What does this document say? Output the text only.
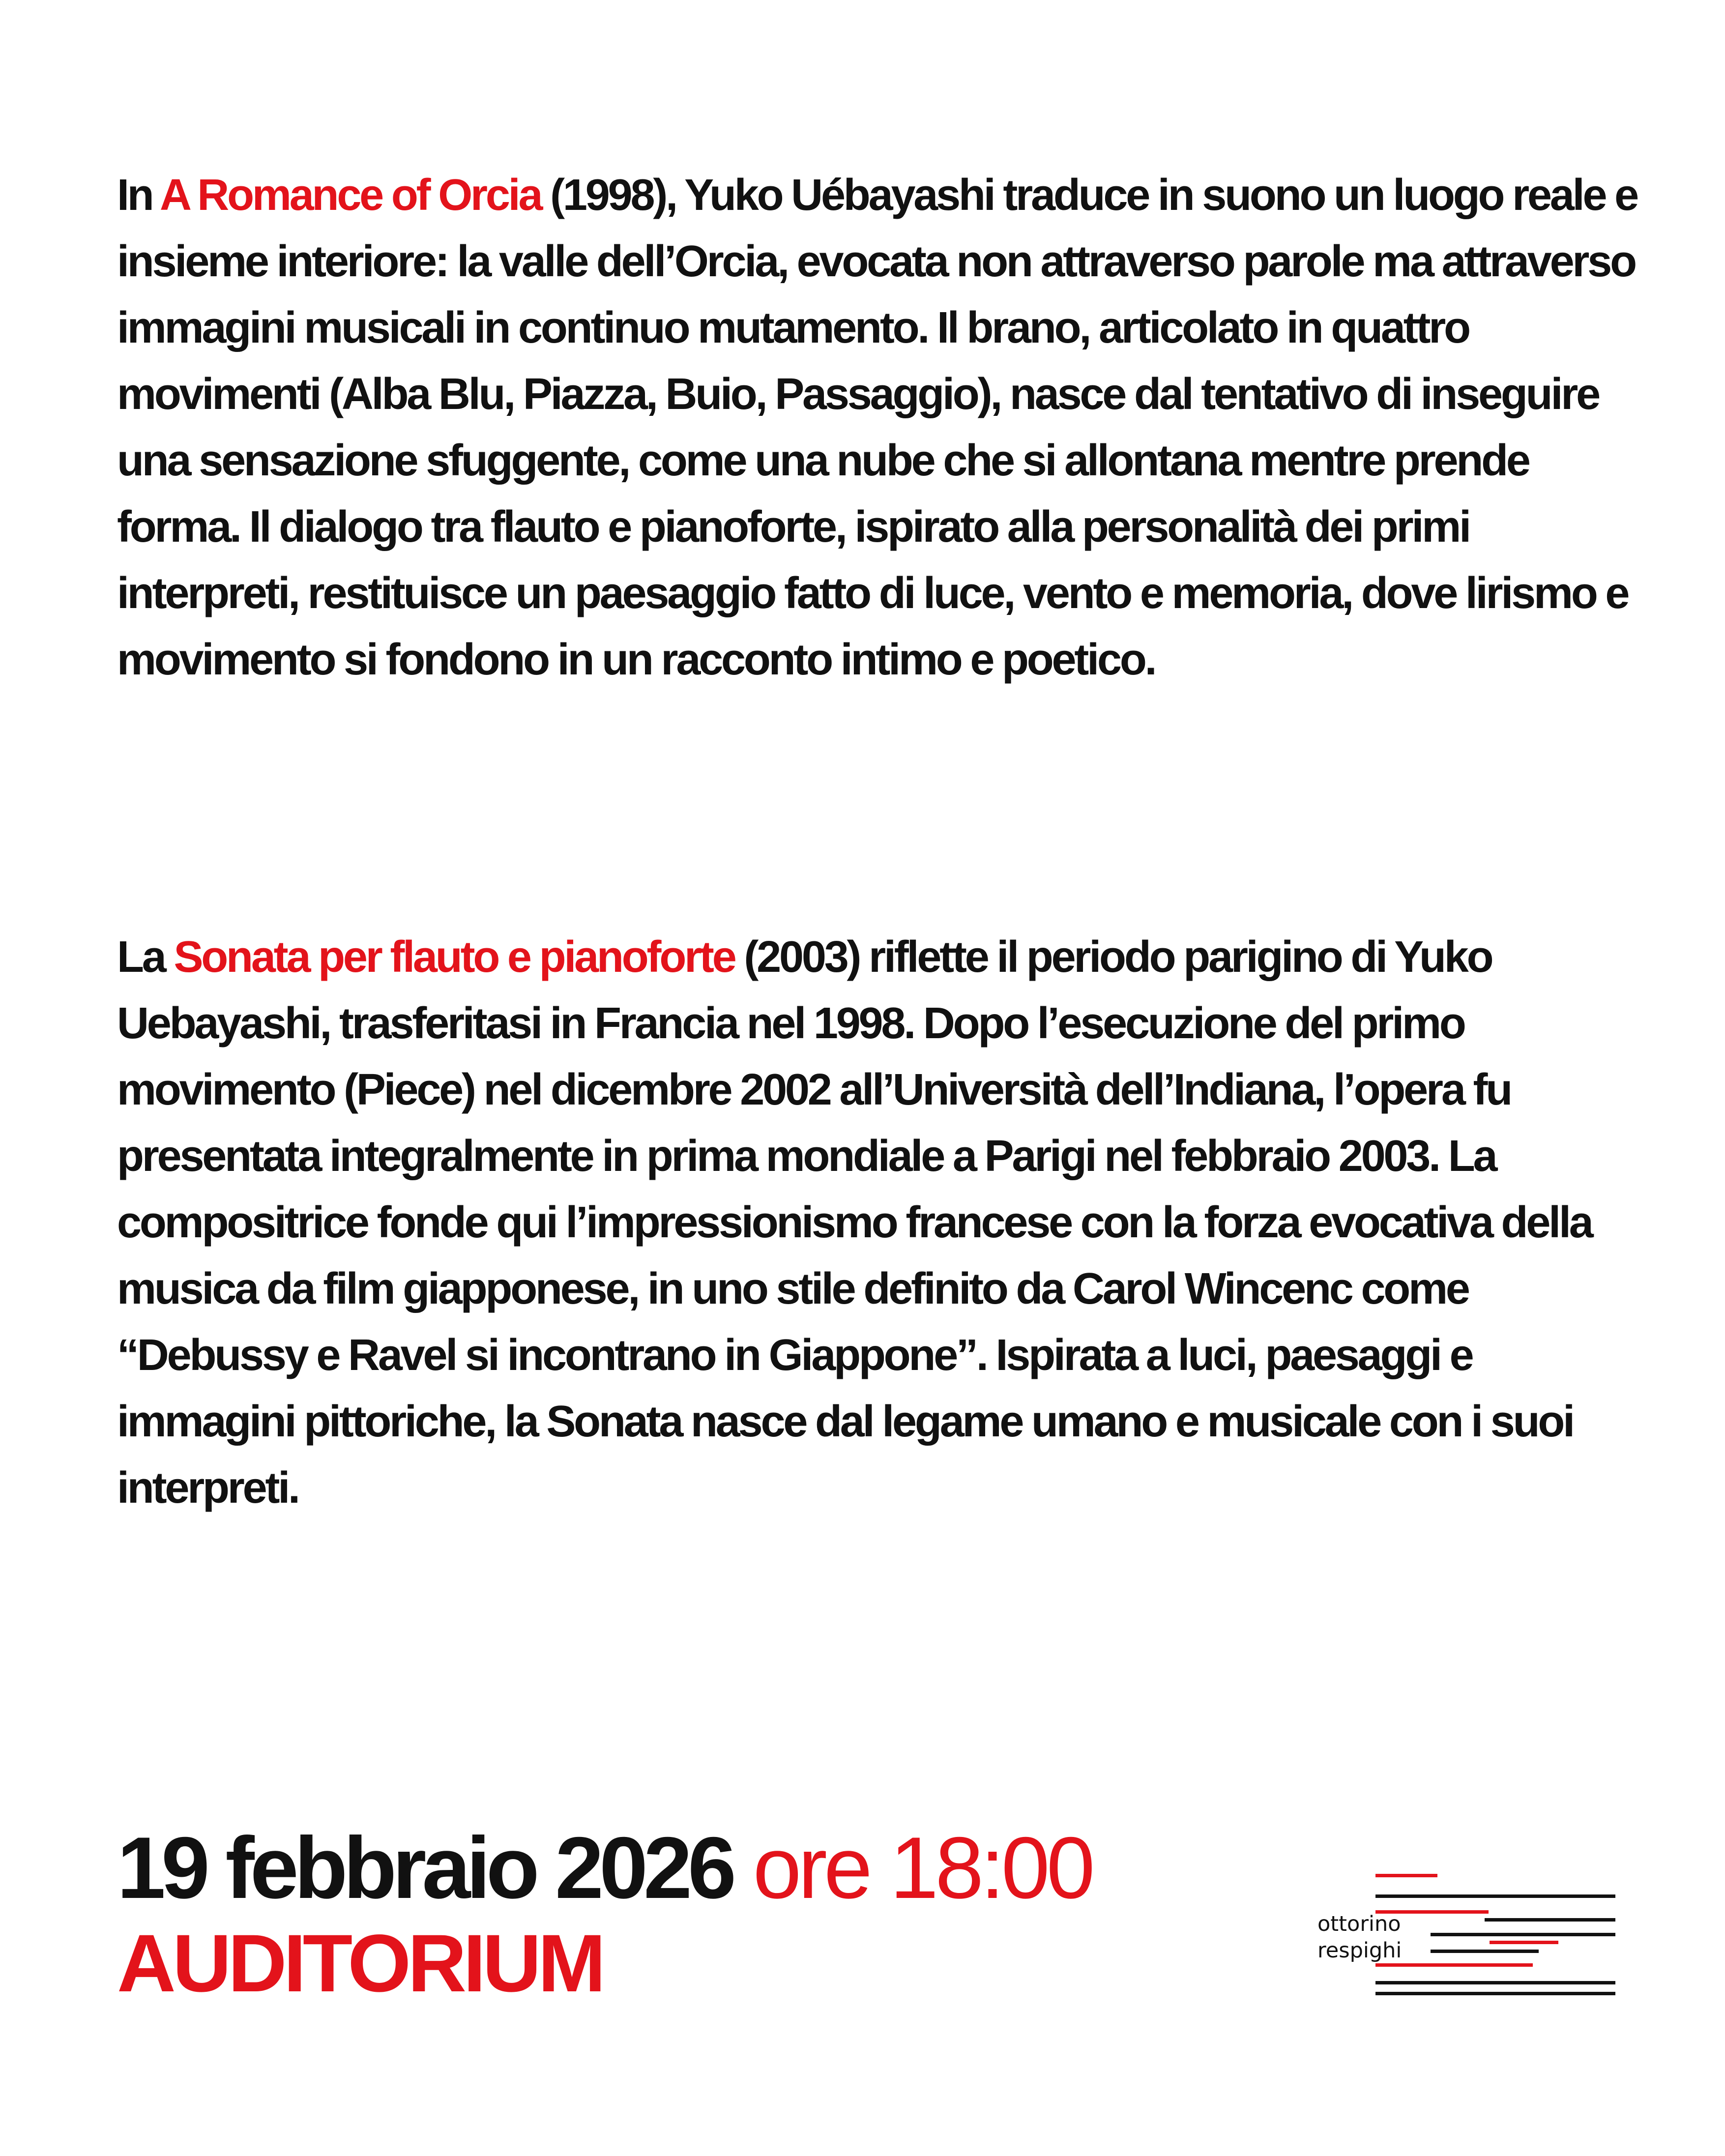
In A Romance of Orcia (1998), Yuko Uébayashi traduce in suono un luogo reale e insieme interiore: la valle dell’Orcia, evocata non attraverso parole ma attraverso immagini musicali in continuo mutamento. Il brano, articolato in quattro movimenti (Alba Blu, Piazza, Buio, Passaggio), nasce dal tentativo di inseguire una sensazione sfuggente, come una nube che si allontana mentre prende forma. Il dialogo tra flauto e pianoforte, ispirato alla personalità dei primi interpreti, restituisce un paesaggio fatto di luce, vento e memoria, dove lirismo e movimento si fondono in un racconto intimo e poetico.

La Sonata per flauto e pianoforte (2003) riflette il periodo parigino di Yuko Uebayashi, trasferitasi in Francia nel 1998. Dopo l’esecuzione del primo movimento (Piece) nel dicembre 2002 all’Università dell’Indiana, l’opera fu presentata integralmente in prima mondiale a Parigi nel febbraio 2003. La compositrice fonde qui l’impressionismo francese con la forza evocativa della musica da film giapponese, in uno stile definito da Carol Wincenc come “Debussy e Ravel si incontrano in Giappone”. Ispirata a luci, paesaggi e immagini pittoriche, la Sonata nasce dal legame umano e musicale con i suoi interpreti.

19 febbraio 2026 ore 18:00
AUDITORIUM	ottorino
respighi
